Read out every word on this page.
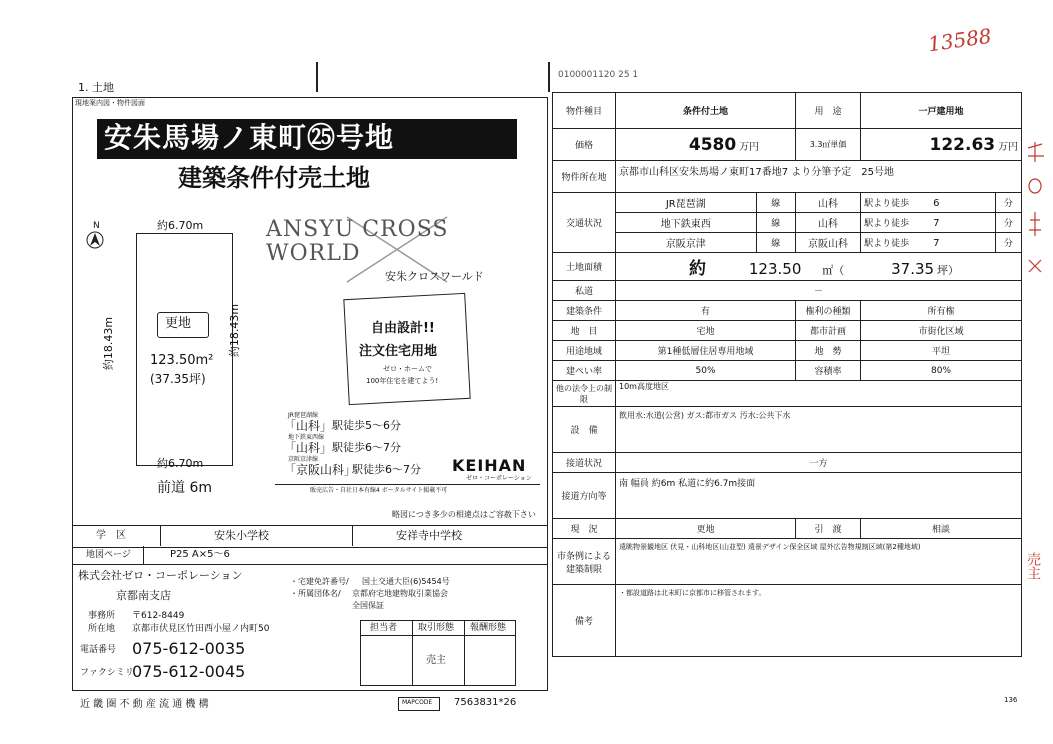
13588
0100001120 25 1
1. 土地
現地案内図・物件図面
安朱馬場ノ東町㉕号地
建築条件付売土地
N	約6.70m
約6.70m
約18.43m	約18.43m
更地
123.50m²
(37.35坪)
前道 6m
ANSYU CROSS WORLD
安朱クロスワールド
自由設計!!
注文住宅用地
ゼロ・ホームで
100年住宅を建てよう!
JR琵琶湖線
「山科」 駅徒歩5〜6分
地下鉄東西線
「山科」 駅徒歩6〜7分
京阪京津線
「京阪山科」
駅徒歩6〜7分 KEIHAN
ゼロ・コーポレーション
販売広告・自社日本有線4 ボータルサイト掲載不可
略図につき多少の相違点はご容赦下さい
学　区	安朱小学校	安祥寺中学校
地図ページ	P25 A×5〜6
株式会社ゼロ・コーポレーション
京都南支店
事務所 〒612-8449
所在地 京都市伏見区竹田西小屋ノ内町50
・宅建免許番号/ 国土交通大臣(6)5454号
・所属団体名/ 京都府宅地建物取引業協会
全国保証
電話番号 075-612-0035
ファクシミリ
075-612-0045
担当者 取引形態 報酬形態
売主
近 畿 圏 不 動 産 流 通 機 構	MAPCODE 7563831*26
物件種目	条件付土地		用　途	一戸建用地	
価格	4580 万円		3.3㎡単価	122.63 万円	
物件所在地	京都市山科区安朱馬場ノ東町17番地7 より分筆予定　25号地				
交通状況	JR琵琶湖	線	山科	駅より徒歩 6	分
	地下鉄東西	線	山科	駅より徒歩 7	分
	京阪京津	線	京阪山科	駅より徒歩 7	分
土地面積	約 123.50 ㎡（ 37.35 坪）				
私道	－				
建築条件	有		権利の種類	所有権	
地　目	宅地		都市計画	市街化区域	
用途地域	第1種低層住居専用地域		地　勢	平坦	
建ぺい率	50%		容積率	80%	
他の法令上の制限	10m高度地区				
設　備	飲用水:水道(公営) ガス:都市ガス 汚水:公共下水				
接道状況	一方				
接道方向等	南 幅員 約6m 私道に約6.7m接面				
現　況	更地		引　渡	相談	
市条例による建築制限	遠眺物景観地区 伏見・山科地区(山並型) 遠景デザイン保全区域 屋外広告物規制区域(第2種地域)				
備考	・都設道路は北未町に京都市に移管されます。				
136
売主
